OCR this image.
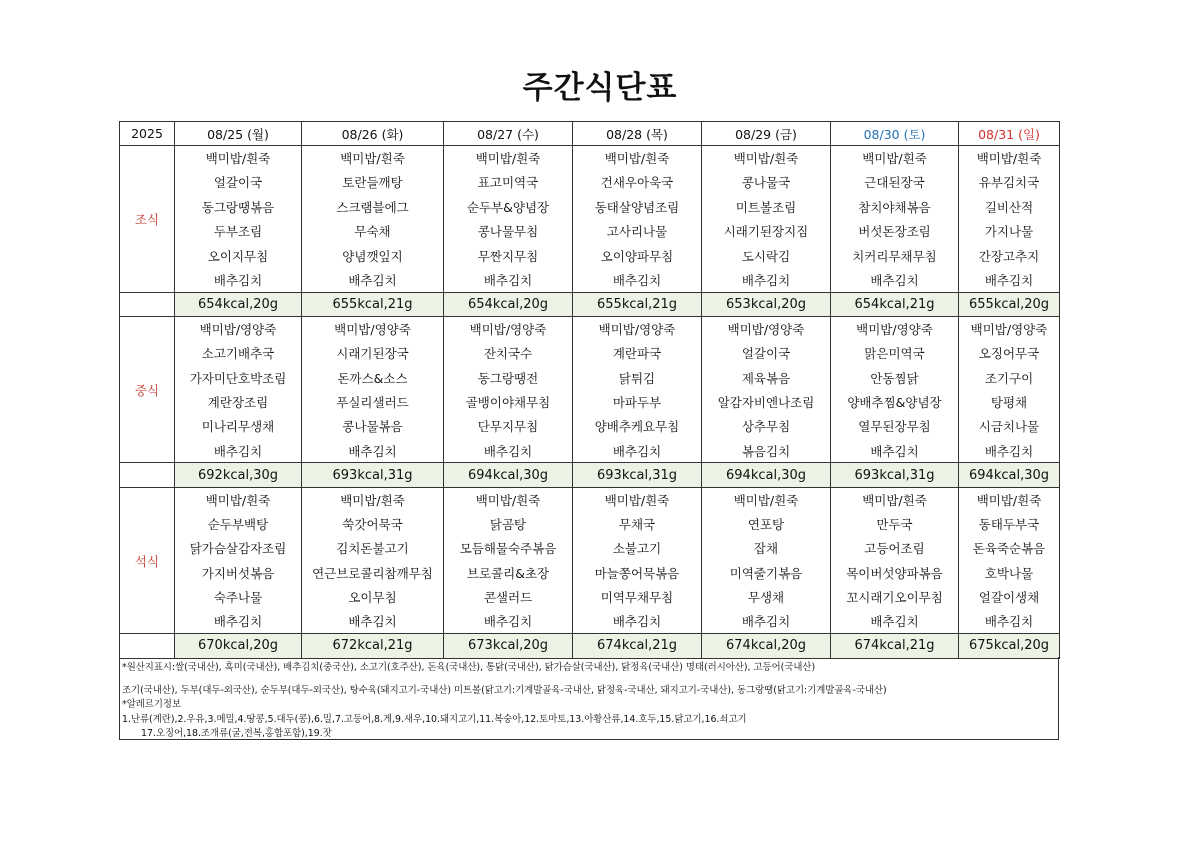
주간식단표
2025	08/25 (월)	08/26 (화)	08/27 (수)	08/28 (목)	08/29 (금)	08/30 (토)	08/31 (일)
조식	백미밥/흰죽	백미밥/흰죽	백미밥/흰죽	백미밥/흰죽	백미밥/흰죽	백미밥/흰죽	백미밥/흰죽
	얼갈이국	토란들깨탕	표고미역국	건새우아욱국	콩나물국	근대된장국	유부김치국
	동그랑땡볶음	스크램블에그	순두부&양념장	동태살양념조림	미트볼조림	참치야채볶음	길비산적
	두부조림	무숙채	콩나물무침	고사리나물	시래기된장지짐	버섯돈장조림	가지나물
	오이지무침	양념깻잎지	무짠지무침	오이양파무침	도시락김	치커리무채무침	간장고추지
	배추김치	배추김치	배추김치	배추김치	배추김치	배추김치	배추김치
	654kcal,20g	655kcal,21g	654kcal,20g	655kcal,21g	653kcal,20g	654kcal,21g	655kcal,20g
중식	백미밥/영양죽	백미밥/영양죽	백미밥/영양죽	백미밥/영양죽	백미밥/영양죽	백미밥/영양죽	백미밥/영양죽
	소고기배추국	시래기된장국	잔치국수	계란파국	얼갈이국	맑은미역국	오징어무국
	가자미단호박조림	돈까스&소스	동그랑땡전	닭튀김	제육볶음	안동찜닭	조기구이
	계란장조림	푸실리샐러드	골뱅이야채무침	마파두부	알감자비엔나조림	양배추찜&양념장	탕평채
	미나리무생채	콩나물볶음	단무지무침	양배추케요무침	상추무침	열무된장무침	시금치나물
	배추김치	배추김치	배추김치	배추김치	볶음김치	배추김치	배추김치
	692kcal,30g	693kcal,31g	694kcal,30g	693kcal,31g	694kcal,30g	693kcal,31g	694kcal,30g
석식	백미밥/흰죽	백미밥/흰죽	백미밥/흰죽	백미밥/흰죽	백미밥/흰죽	백미밥/흰죽	백미밥/흰죽
	순두부백탕	쑥갓어묵국	닭곰탕	무채국	연포탕	만두국	동태두부국
	닭가슴살감자조림	김치돈불고기	모듬해물숙주볶음	소불고기	잡채	고등어조림	돈육죽순볶음
	가지버섯볶음	연근브로콜리참깨무침	브로콜리&초장	마늘쫑어묵볶음	미역줄기볶음	목이버섯양파볶음	호박나물
	숙주나물	오이무침	콘샐러드	미역무채무침	무생채	꼬시래기오이무침	얼갈이생채
	배추김치	배추김치	배추김치	배추김치	배추김치	배추김치	배추김치
	670kcal,20g	672kcal,21g	673kcal,20g	674kcal,21g	674kcal,20g	674kcal,21g	675kcal,20g
*원산지표시:쌀(국내산), 흑미(국내산), 배추김치(중국산), 소고기(호주산), 돈육(국내산), 통닭(국내산), 닭가슴살(국내산), 닭정육(국내산) 명태(러시아산), 고등어(국내산)
조기(국내산), 두부(대두-외국산), 순두부(대두-외국산), 탕수육(돼지고기-국내산) 미트볼(닭고기:기계발골육-국내산, 닭정육-국내산, 돼지고기-국내산), 동그랑땡(닭고기:기계발골육-국내산)
*알레르기정보
1.난류(계란),2.우유,3.메밀,4.땅콩,5.대두(콩),6.밀,7.고등어,8.게,9.새우,10.돼지고기,11.복숭아,12.토마토,13.아황산류,14.호두,15.닭고기,16.쇠고기
17.오징어,18.조개류(굴,전복,홍합포함),19.잣
